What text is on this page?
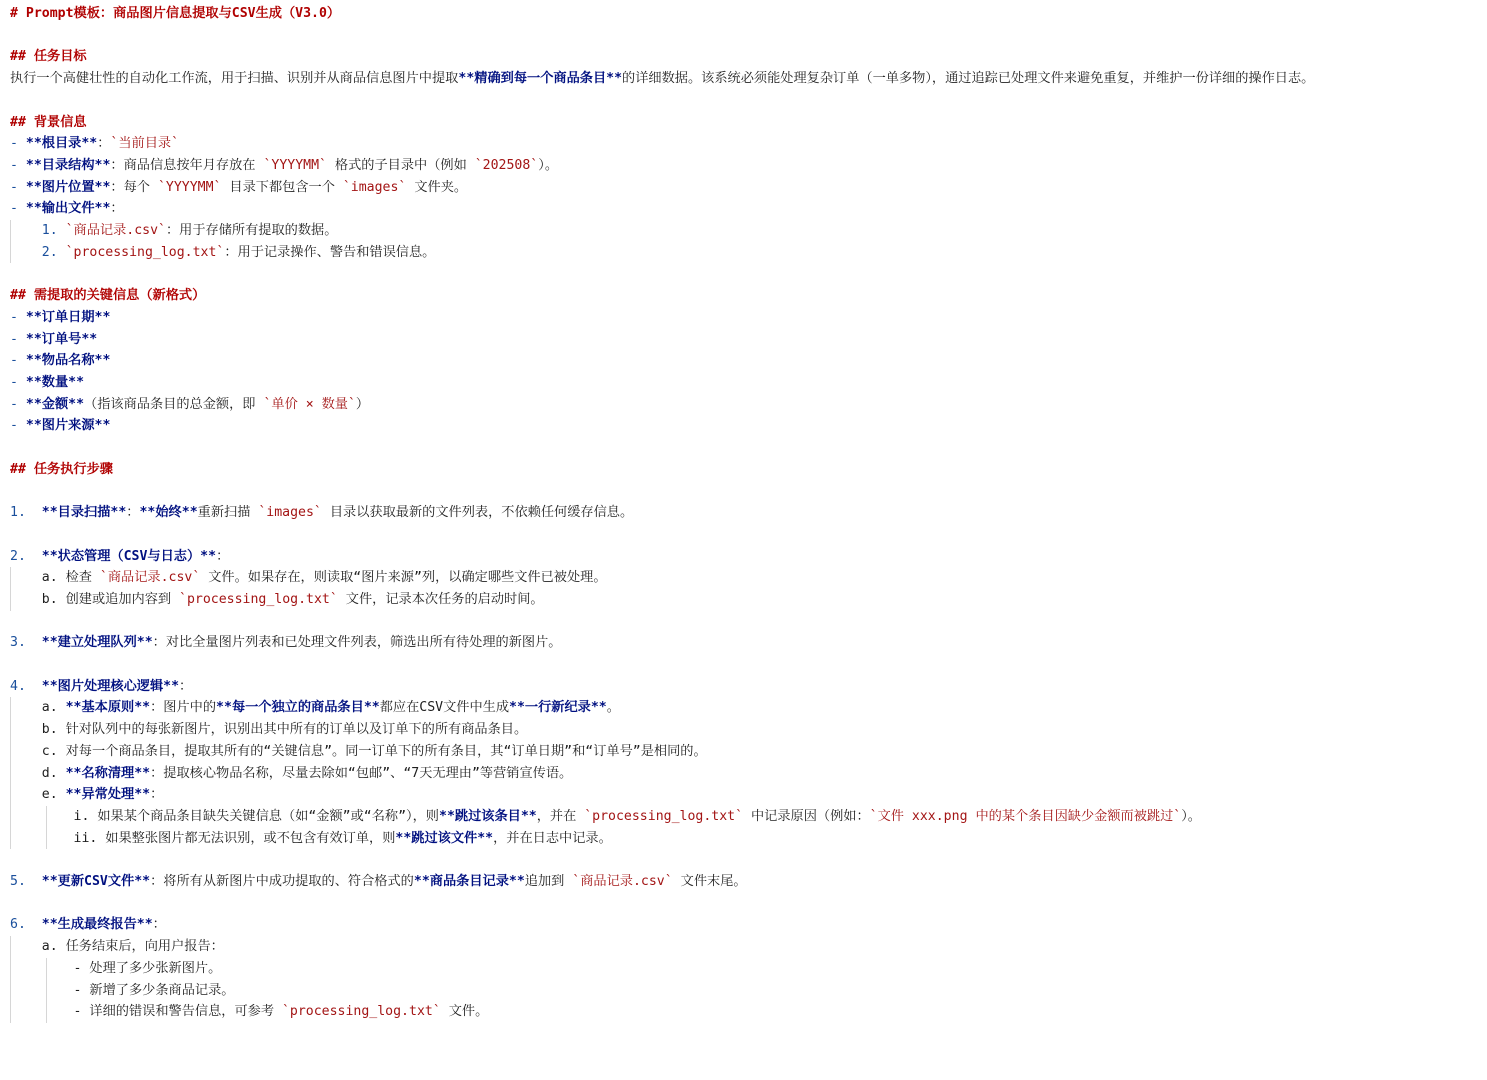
# Prompt模板：商品图片信息提取与CSV生成（V3.0）
## 任务目标
执行一个高健壮性的自动化工作流，用于扫描、识别并从商品信息图片中提取**精确到每一个商品条目**的详细数据。该系统必须能处理复杂订单（一单多物），通过追踪已处理文件来避免重复，并维护一份详细的操作日志。
## 背景信息
- **根目录**：`当前目录`
- **目录结构**：商品信息按年月存放在 `YYYYMM` 格式的子目录中（例如 `202508`）。
- **图片位置**：每个 `YYYYMM` 目录下都包含一个 `images` 文件夹。
- **输出文件**：
1. `商品记录.csv`：用于存储所有提取的数据。
2. `processing_log.txt`：用于记录操作、警告和错误信息。
## 需提取的关键信息（新格式）
- **订单日期**
- **订单号**
- **物品名称**
- **数量**
- **金额**（指该商品条目的总金额，即 `单价 × 数量`）
- **图片来源**
## 任务执行步骤
1.  **目录扫描**：**始终**重新扫描 `images` 目录以获取最新的文件列表，不依赖任何缓存信息。
2.  **状态管理（CSV与日志）**：
a. 检查 `商品记录.csv` 文件。如果存在，则读取“图片来源”列，以确定哪些文件已被处理。
b. 创建或追加内容到 `processing_log.txt` 文件，记录本次任务的启动时间。
3.  **建立处理队列**：对比全量图片列表和已处理文件列表，筛选出所有待处理的新图片。
4.  **图片处理核心逻辑**：
a. **基本原则**：图片中的**每一个独立的商品条目**都应在CSV文件中生成**一行新纪录**。
b. 针对队列中的每张新图片，识别出其中所有的订单以及订单下的所有商品条目。
c. 对每一个商品条目，提取其所有的“关键信息”。同一订单下的所有条目，其“订单日期”和“订单号”是相同的。
d. **名称清理**：提取核心物品名称，尽量去除如“包邮”、“7天无理由”等营销宣传语。
e. **异常处理**：
i. 如果某个商品条目缺失关键信息（如“金额”或“名称”），则**跳过该条目**，并在 `processing_log.txt` 中记录原因（例如：`文件 xxx.png 中的某个条目因缺少金额而被跳过`）。
ii. 如果整张图片都无法识别，或不包含有效订单，则**跳过该文件**，并在日志中记录。
5.  **更新CSV文件**：将所有从新图片中成功提取的、符合格式的**商品条目记录**追加到 `商品记录.csv` 文件末尾。
6.  **生成最终报告**：
a. 任务结束后，向用户报告：
- 处理了多少张新图片。
- 新增了多少条商品记录。
- 详细的错误和警告信息，可参考 `processing_log.txt` 文件。
